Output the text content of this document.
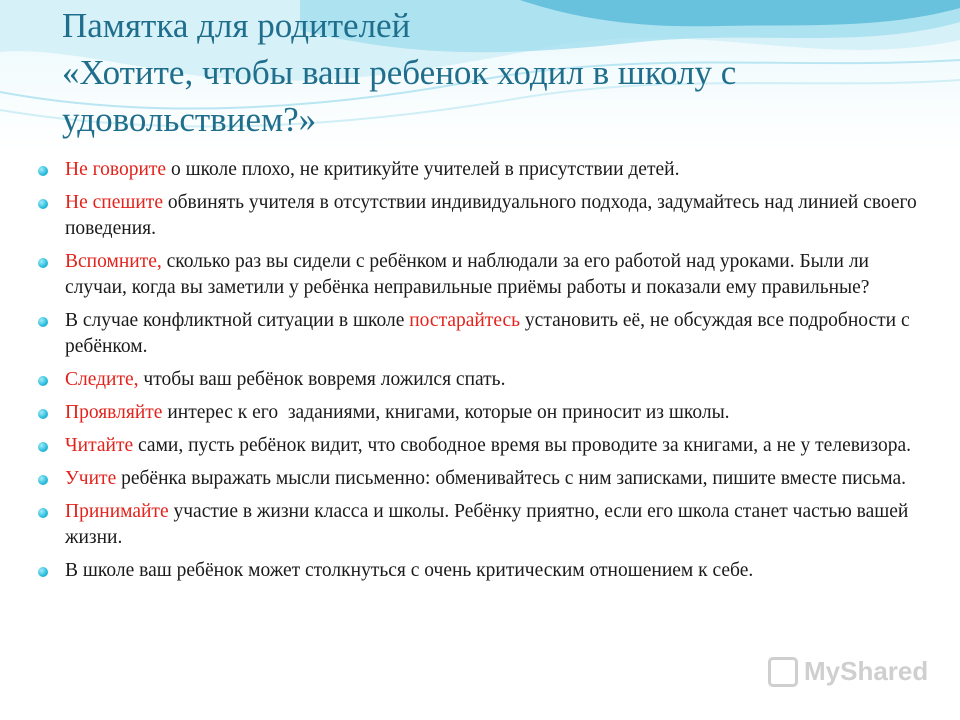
Памятка для родителей
«Хотите, чтобы ваш ребенок ходил в школу с
удовольствием?»
Не говорите о школе плохо, не критикуйте учителей в присутствии детей.
Не спешите обвинять учителя в отсутствии индивидуального подхода, задумайтесь над линией своего поведения.
Вспомните, сколько раз вы сидели с ребёнком и наблюдали за его работой над уроками. Были ли случаи, когда вы заметили у ребёнка неправильные приёмы работы и показали ему правильные?
В случае конфликтной ситуации в школе постарайтесь установить её, не обсуждая все подробности с ребёнком.
Следите, чтобы ваш ребёнок вовремя ложился спать.
Проявляйте интерес к его  заданиями, книгами, которые он приносит из школы.
Читайте сами, пусть ребёнок видит, что свободное время вы проводите за книгами, а не у телевизора.
Учите ребёнка выражать мысли письменно: обменивайтесь с ним записками, пишите вместе письма.
Принимайте участие в жизни класса и школы. Ребёнку приятно, если его школа станет частью вашей жизни.
В школе ваш ребёнок может столкнуться с очень критическим отношением к себе.
MyShared
